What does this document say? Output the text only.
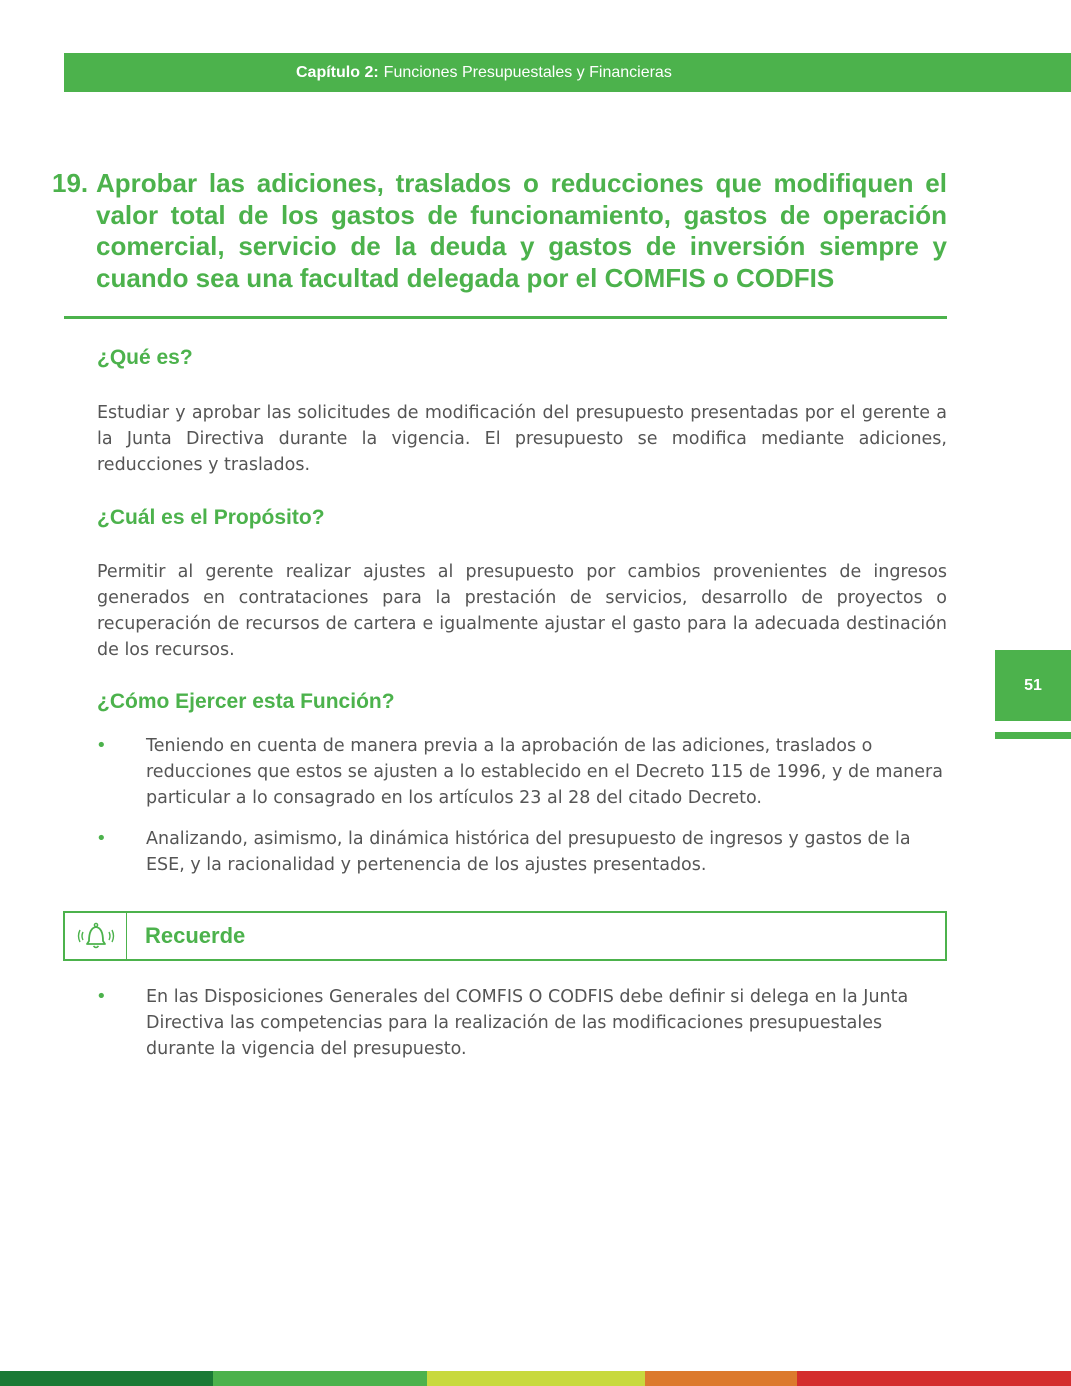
Capítulo 2: Funciones Presupuestales y Financieras
19. Aprobar las adiciones, traslados o reducciones que modifiquen el valor total de los gastos de funcionamiento, gastos de operación comercial, servicio de la deuda y gastos de inversión siempre y cuando sea una facultad delegada por el COMFIS o CODFIS
¿Qué es?
Estudiar y aprobar las solicitudes de modificación del presupuesto presentadas por el gerente a la Junta Directiva durante la vigencia. El presupuesto se modifica mediante adiciones, reducciones y traslados.
¿Cuál es el Propósito?
Permitir al gerente realizar ajustes al presupuesto por cambios provenientes de ingresos generados en contrataciones para la prestación de servicios, desarrollo de proyectos o recuperación de recursos de cartera e igualmente ajustar el gasto para la adecuada destinación de los recursos.
¿Cómo Ejercer esta Función?
•	Teniendo en cuenta de manera previa a la aprobación de las adiciones, traslados o reducciones que estos se ajusten a lo establecido en el Decreto 115 de 1996, y de manera particular a lo consagrado en los artículos 23 al 28 del citado Decreto.
•	Analizando, asimismo, la dinámica histórica del presupuesto de ingresos y gastos de la ESE, y la racionalidad y pertenencia de los ajustes presentados.
Recuerde
•	En las Disposiciones Generales del COMFIS O CODFIS debe definir si delega en la Junta Directiva las competencias para la realización de las modificaciones presupuestales durante la vigencia del presupuesto.
51
